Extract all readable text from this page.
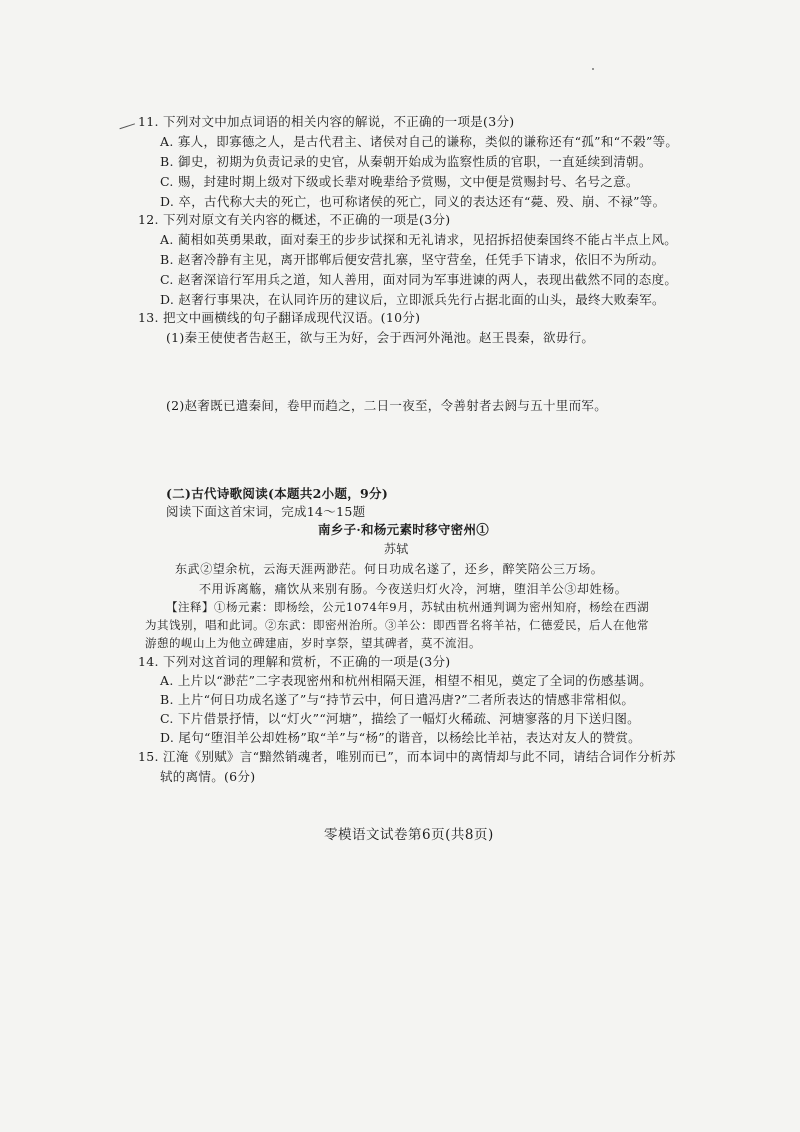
11. 下列对文中加点词语的相关内容的解说，不正确的一项是(3分)
A. 寡人，即寡德之人，是古代君主、诸侯对自己的谦称，类似的谦称还有“孤”和“不榖”等。
B. 御史，初期为负责记录的史官，从秦朝开始成为监察性质的官职，一直延续到清朝。
C. 赐，封建时期上级对下级或长辈对晚辈给予赏赐，文中便是赏赐封号、名号之意。
D. 卒，古代称大夫的死亡，也可称诸侯的死亡，同义的表达还有“薨、殁、崩、不禄”等。
12. 下列对原文有关内容的概述，不正确的一项是(3分)
A. 蔺相如英勇果敢，面对秦王的步步试探和无礼请求，见招拆招使秦国终不能占半点上风。
B. 赵奢冷静有主见，离开邯郸后便安营扎寨，坚守营垒，任凭手下请求，依旧不为所动。
C. 赵奢深谙行军用兵之道，知人善用，面对同为军事进谏的两人，表现出截然不同的态度。
D. 赵奢行事果决，在认同许历的建议后，立即派兵先行占据北面的山头，最终大败秦军。
13. 把文中画横线的句子翻译成现代汉语。(10分)
(1)秦王使使者告赵王，欲与王为好，会于西河外渑池。赵王畏秦，欲毋行。
(2)赵奢既已遣秦间，卷甲而趋之，二日一夜至，令善射者去阏与五十里而军。
(二)古代诗歌阅读(本题共2小题，9分)
阅读下面这首宋词，完成14～15题
南乡子·和杨元素时移守密州①
苏轼
东武②望余杭，云海天涯两渺茫。何日功成名遂了，还乡，醉笑陪公三万场。
不用诉离觞，痛饮从来别有肠。今夜送归灯火冷，河塘，堕泪羊公③却姓杨。
【注释】①杨元素：即杨绘，公元1074年9月，苏轼由杭州通判调为密州知府，杨绘在西湖
为其饯别，唱和此词。②东武：即密州治所。③羊公：即西晋名将羊祜，仁德爱民，后人在他常
游憩的岘山上为他立碑建庙，岁时享祭，望其碑者，莫不流泪。
14. 下列对这首词的理解和赏析，不正确的一项是(3分)
A. 上片以“渺茫”二字表现密州和杭州相隔天涯，相望不相见，奠定了全词的伤感基调。
B. 上片“何日功成名遂了”与“持节云中，何日遣冯唐?”二者所表达的情感非常相似。
C. 下片借景抒情，以“灯火”“河塘”，描绘了一幅灯火稀疏、河塘寥落的月下送归图。
D. 尾句“堕泪羊公却姓杨”取“羊”与“杨”的谐音，以杨绘比羊祜，表达对友人的赞赏。
15. 江淹《别赋》言“黯然销魂者，唯别而已”，而本词中的离情却与此不同，请结合词作分析苏
轼的离情。(6分)
零模语文试卷第6页(共8页)
